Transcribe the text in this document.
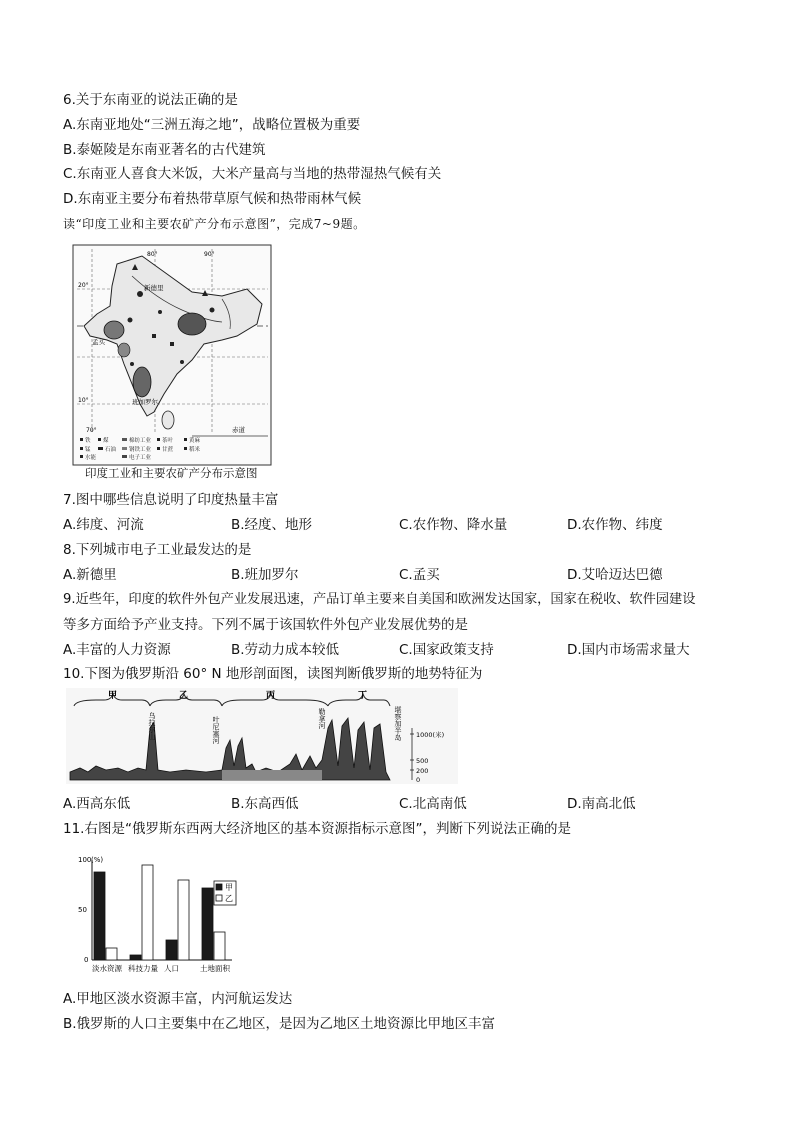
6.关于东南亚的说法正确的是
A.东南亚地处“三洲五海之地”，战略位置极为重要
B.泰姬陵是东南亚著名的古代建筑
C.东南亚人喜食大米饭，大米产量高与当地的热带湿热气候有关
D.东南亚主要分布着热带草原气候和热带雨林气候
读“印度工业和主要农矿产分布示意图”，完成7~9题。
新德里
孟买
班加罗尔
20°
80°
10°
90°
70°	赤道
铁 煤	棉纺工业 茶叶	黄麻
锰	石油 钢铁工业 甘蔗	稻米
水能	电子工业
印度工业和主要农矿产分布示意图
7.图中哪些信息说明了印度热量丰富
A.纬度、河流	B.经度、地形	C.农作物、降水量	D.农作物、纬度
8.下列城市电子工业最发达的是
A.新德里	B.班加罗尔	C.孟买	D.艾哈迈达巴德
9.近些年，印度的软件外包产业发展迅速，产品订单主要来自美国和欧洲发达国家，国家在税收、软件园建设
等多方面给予产业支持。下列不属于该国软件外包产业发展优势的是
A.丰富的人力资源	B.劳动力成本较低	C.国家政策支持	D.国内市场需求量大
10.下图为俄罗斯沿 60° N 地形剖面图，读图判断俄罗斯的地势特征为
甲	乙	丙	丁
乌拉尔山	叶尼塞河	勒拿河	堪察加半岛 1000(米)
500
200
0
A.西高东低	B.东高西低	C.北高南低	D.南高北低
11.右图是“俄罗斯东西两大经济地区的基本资源指标示意图”，判断下列说法正确的是
100 (%)
50
0
淡水资源 科技力量 人口	土地面积
甲
乙
A.甲地区淡水资源丰富，内河航运发达
B.俄罗斯的人口主要集中在乙地区，是因为乙地区土地资源比甲地区丰富
